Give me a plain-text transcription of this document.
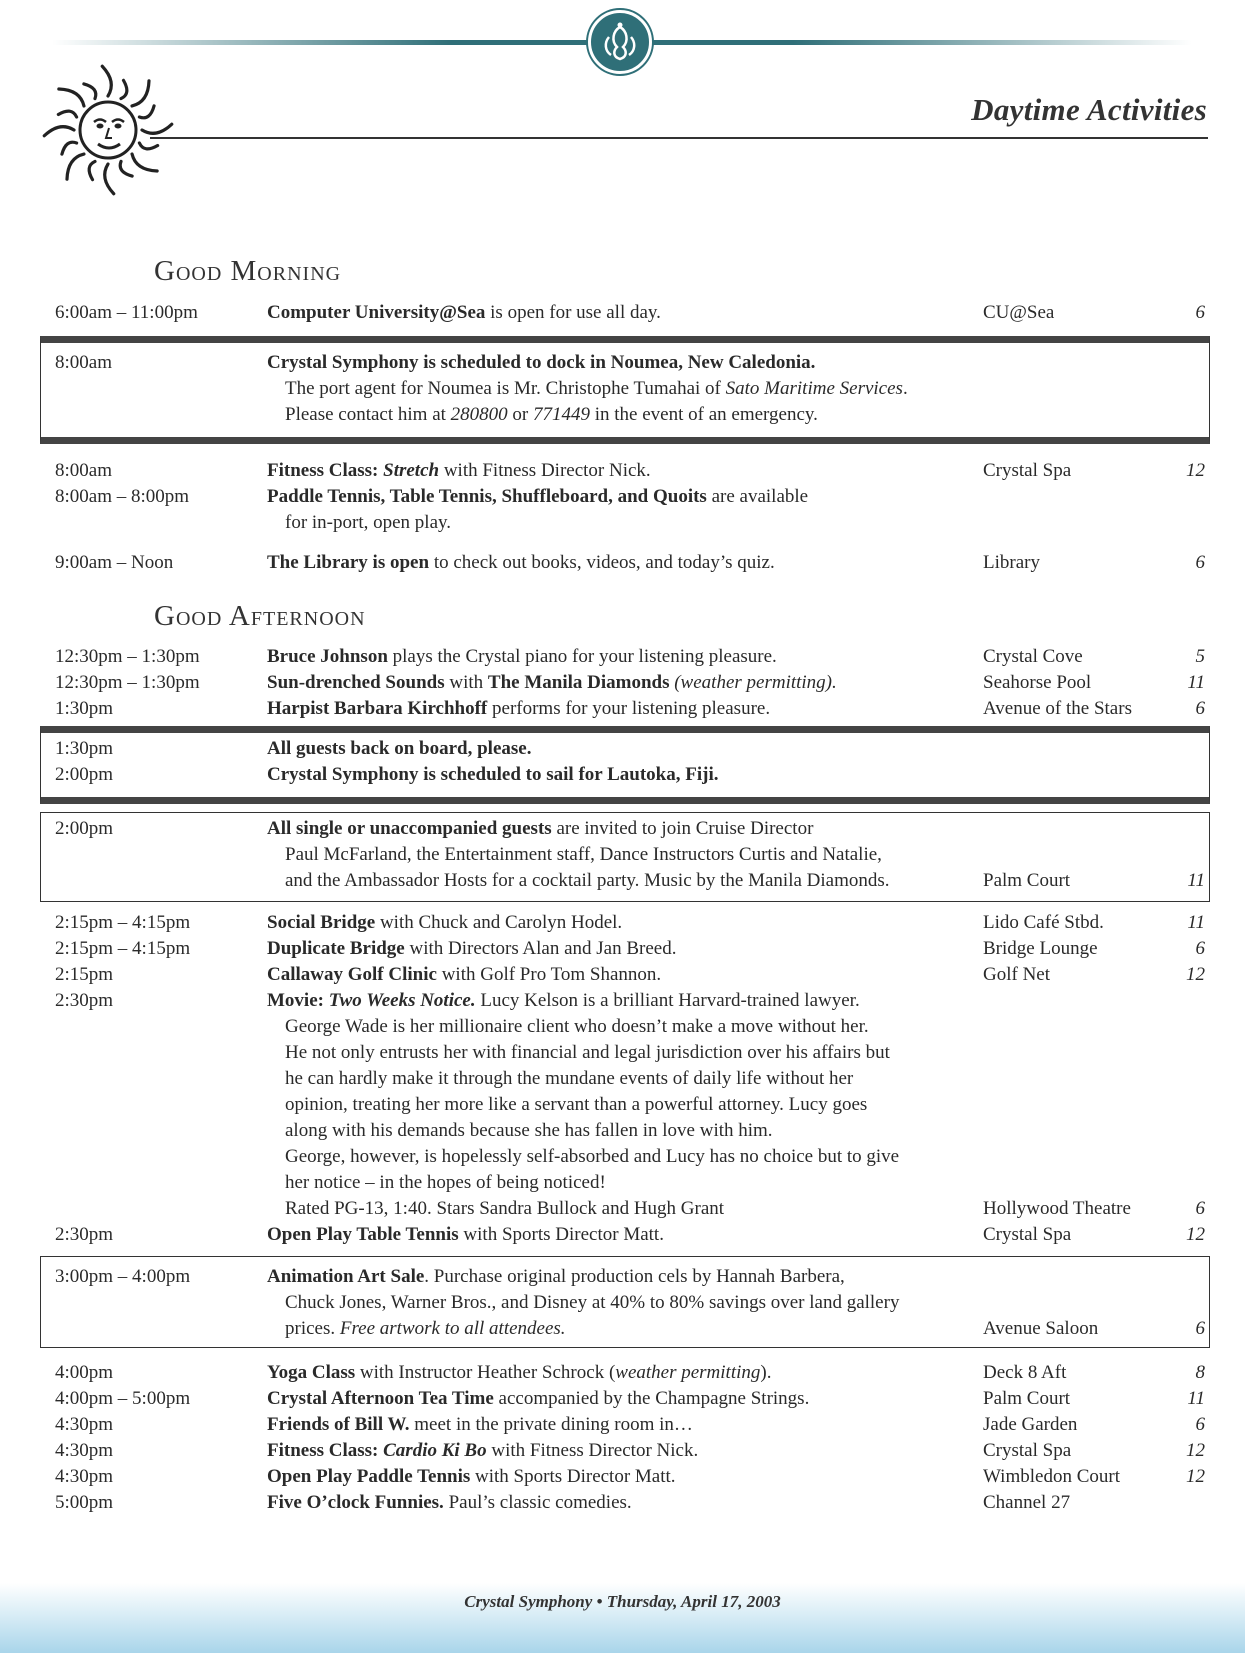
Daytime Activities
Good Morning
6:00am – 11:00pm	Computer University@Sea is open for use all day.	CU@Sea	6
8:00am	Crystal Symphony is scheduled to dock in Noumea, New Caledonia.
The port agent for Noumea is Mr. Christophe Tumahai of Sato Maritime Services.
Please contact him at 280800 or 771449 in the event of an emergency.
8:00am	Fitness Class: Stretch with Fitness Director Nick.	Crystal Spa	12
8:00am – 8:00pm	Paddle Tennis, Table Tennis, Shuffleboard, and Quoits are available
for in-port, open play.
9:00am – Noon	The Library is open to check out books, videos, and today’s quiz.	Library	6
Good Afternoon
12:30pm – 1:30pm	Bruce Johnson plays the Crystal piano for your listening pleasure.	Crystal Cove	5
12:30pm – 1:30pm	Sun-drenched Sounds with The Manila Diamonds (weather permitting).	Seahorse Pool	11
1:30pm	Harpist Barbara Kirchhoff performs for your listening pleasure.	Avenue of the Stars	6
1:30pm	All guests back on board, please.
2:00pm	Crystal Symphony is scheduled to sail for Lautoka, Fiji.
2:00pm	All single or unaccompanied guests are invited to join Cruise Director
Paul McFarland, the Entertainment staff, Dance Instructors Curtis and Natalie,
and the Ambassador Hosts for a cocktail party. Music by the Manila Diamonds.	Palm Court	11
2:15pm – 4:15pm	Social Bridge with Chuck and Carolyn Hodel.	Lido Café Stbd.	11
2:15pm – 4:15pm	Duplicate Bridge with Directors Alan and Jan Breed.	Bridge Lounge	6
2:15pm	Callaway Golf Clinic with Golf Pro Tom Shannon.	Golf Net	12
2:30pm	Movie: Two Weeks Notice. Lucy Kelson is a brilliant Harvard-trained lawyer.
George Wade is her millionaire client who doesn’t make a move without her.
He not only entrusts her with financial and legal jurisdiction over his affairs but
he can hardly make it through the mundane events of daily life without her
opinion, treating her more like a servant than a powerful attorney. Lucy goes
along with his demands because she has fallen in love with him.
George, however, is hopelessly self-absorbed and Lucy has no choice but to give
her notice – in the hopes of being noticed!
Rated PG-13, 1:40. Stars Sandra Bullock and Hugh Grant	Hollywood Theatre	6
2:30pm	Open Play Table Tennis with Sports Director Matt.	Crystal Spa	12
3:00pm – 4:00pm	Animation Art Sale. Purchase original production cels by Hannah Barbera,
Chuck Jones, Warner Bros., and Disney at 40% to 80% savings over land gallery
prices. Free artwork to all attendees.	Avenue Saloon	6
4:00pm	Yoga Class with Instructor Heather Schrock (weather permitting).	Deck 8 Aft	8
4:00pm – 5:00pm	Crystal Afternoon Tea Time accompanied by the Champagne Strings.	Palm Court	11
4:30pm	Friends of Bill W. meet in the private dining room in…	Jade Garden	6
4:30pm	Fitness Class: Cardio Ki Bo with Fitness Director Nick.	Crystal Spa	12
4:30pm	Open Play Paddle Tennis with Sports Director Matt.	Wimbledon Court	12
5:00pm	Five O’clock Funnies. Paul’s classic comedies.	Channel 27
Crystal Symphony • Thursday, April 17, 2003
